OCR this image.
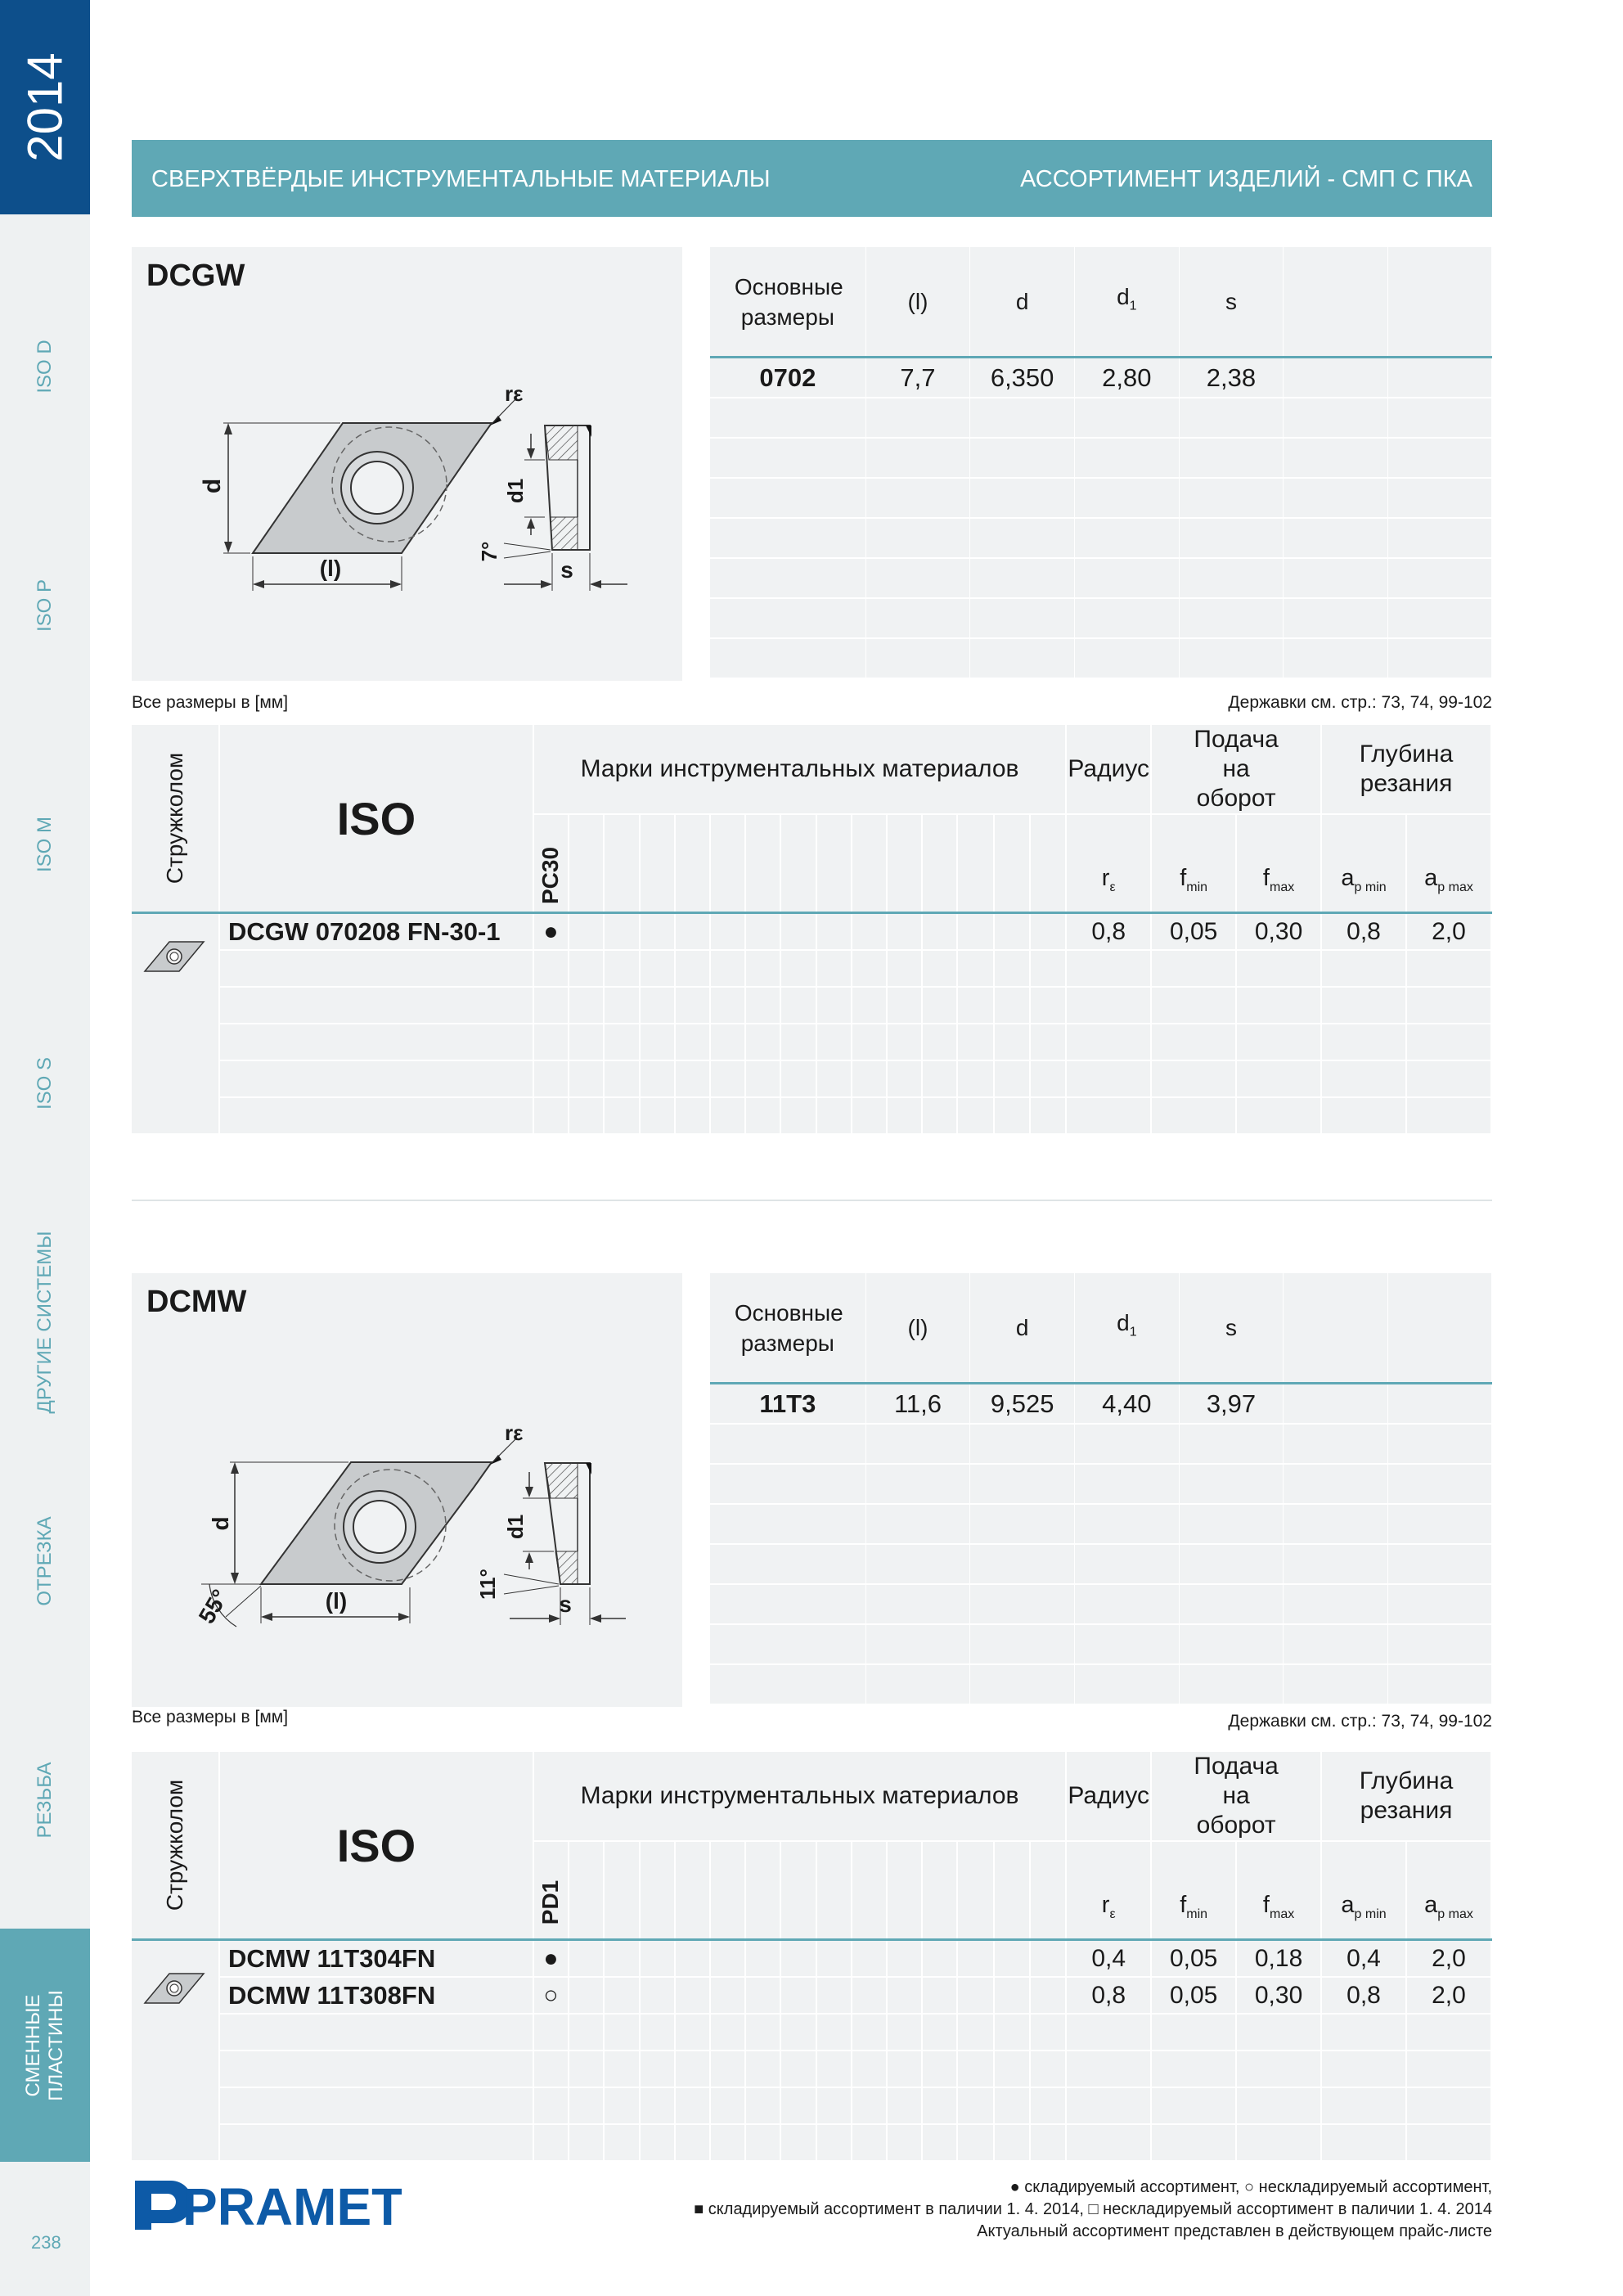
2014
ISO D
ISO P
ISO M
ISO S
ДРУГИЕ СИСТЕМЫ
ОТРЕЗКА
РЕЗЬБА
СМЕННЫЕ ПЛАСТИНЫ
238
СВЕРХТВЁРДЫЕ ИНСТРУМЕНТАЛЬНЫЕ МАТЕРИАЛЫ	АССОРТИМЕНТ ИЗДЕЛИЙ - СМП С ПКА
DCGW
d
(l)
rε
d1
7°
s
Основные размеры	(l)	d	$d_1$	s		
0702	7,7	6,350	2,80	2,38		

Все размеры в [мм]	Державки см. стр.: 73, 74, 99-102
Стружколом	ISO	Марки инструментальных материалов															Радиус	Подача на оборот		Глубина резания	

		PC30															$r_\varepsilon$	$f_{min}$	$f_{max}$	$a_{p min}$	$a_{p max}$

	DCGW 070208 FN-30-1	●															0,8	0,05	0,30	0,8	2,0

DCMW
d
55°	(l)
rε
d1
11°
s
Основные размеры	(l)	d	$d_1$	s		
11T3	11,6	9,525	4,40	3,97		

Все размеры в [мм]	Державки см. стр.: 73, 74, 99-102
Стружколом	ISO	Марки инструментальных материалов															Радиус	Подача на оборот		Глубина резания	

		PD1															$r_\varepsilon$	$f_{min}$	$f_{max}$	$a_{p min}$	$a_{p max}$

	DCMW 11T304FN	●															0,4	0,05	0,18	0,4	2,0
	DCMW 11T308FN	○															0,8	0,05	0,30	0,8	2,0

PRAMET	● складируемый ассортимент, ○ нескладируемый ассортимент,
■ складируемый ассортимент в паличии 1. 4. 2014, □ нескладируемый ассортимент в паличии 1. 4. 2014
Актуальный ассортимент представлен в действующем прайс-листе
